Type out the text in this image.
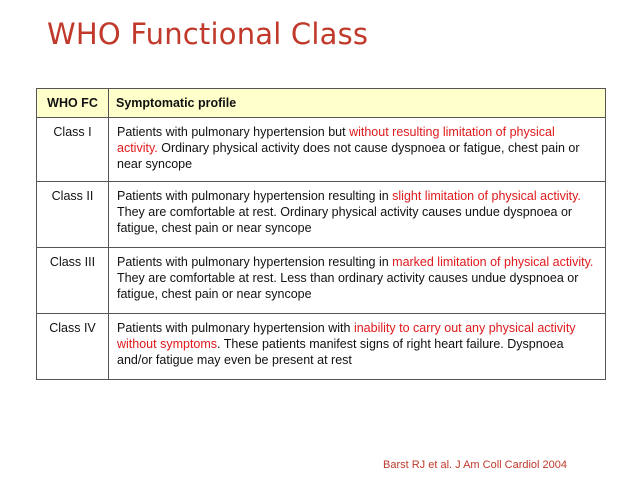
WHO Functional Class
WHO FC	Symptomatic profile
Class I	Patients with pulmonary hypertension but without resulting limitation of physical activity. Ordinary physical activity does not cause dyspnoea or fatigue, chest pain or near syncope
Class II	Patients with pulmonary hypertension resulting in slight limitation of physical activity. They are comfortable at rest. Ordinary physical activity causes undue dyspnoea or fatigue, chest pain or near syncope
Class III	Patients with pulmonary hypertension resulting in marked limitation of physical activity. They are comfortable at rest. Less than ordinary activity causes undue dyspnoea or fatigue, chest pain or near syncope
Class IV	Patients with pulmonary hypertension with inability to carry out any physical activity without symptoms. These patients manifest signs of right heart failure. Dyspnoea and/or fatigue may even be present at rest
Barst RJ et al. J Am Coll Cardiol 2004
